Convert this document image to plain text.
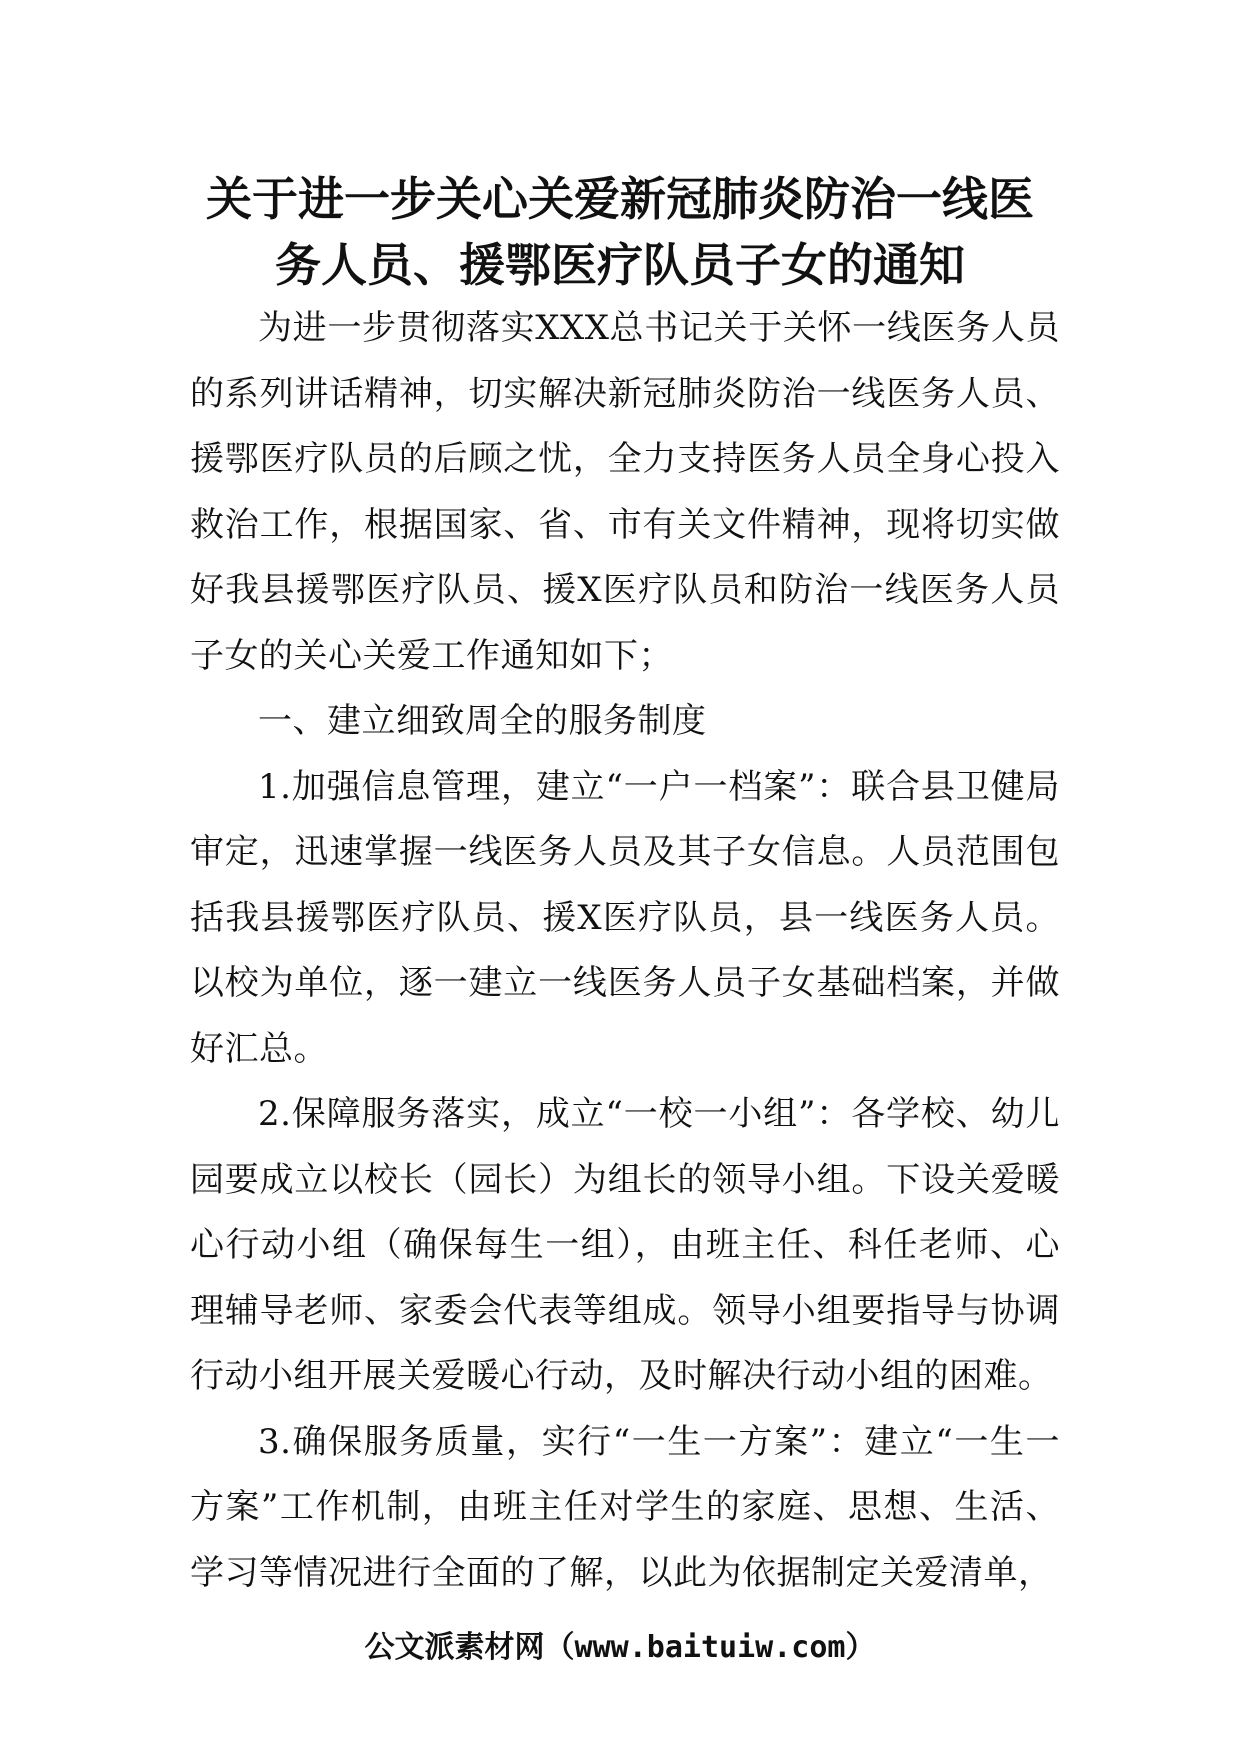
关于进一步关心关爱新冠肺炎防治一线医
务人员、援鄂医疗队员子女的通知

为进一步贯彻落实XXX总书记关于关怀一线医务人员的系列讲话精神，切实解决新冠肺炎防治一线医务人员、援鄂医疗队员的后顾之忧，全力支持医务人员全身心投入救治工作，根据国家、省、市有关文件精神，现将切实做好我县援鄂医疗队员、援X医疗队员和防治一线医务人员子女的关心关爱工作通知如下；

一、建立细致周全的服务制度

1.加强信息管理，建立“一户一档案”：联合县卫健局审定，迅速掌握一线医务人员及其子女信息。人员范围包括我县援鄂医疗队员、援X医疗队员，县一线医务人员。以校为单位，逐一建立一线医务人员子女基础档案，并做好汇总。

2.保障服务落实，成立“一校一小组”：各学校、幼儿园要成立以校长（园长）为组长的领导小组。下设关爱暖心行动小组（确保每生一组），由班主任、科任老师、心理辅导老师、家委会代表等组成。领导小组要指导与协调行动小组开展关爱暖心行动，及时解决行动小组的困难。

3.确保服务质量，实行“一生一方案”：建立“一生一方案”工作机制，由班主任对学生的家庭、思想、生活、学习等情况进行全面的了解，以此为依据制定关爱清单，

公文派素材网（www.baituiw.com）
